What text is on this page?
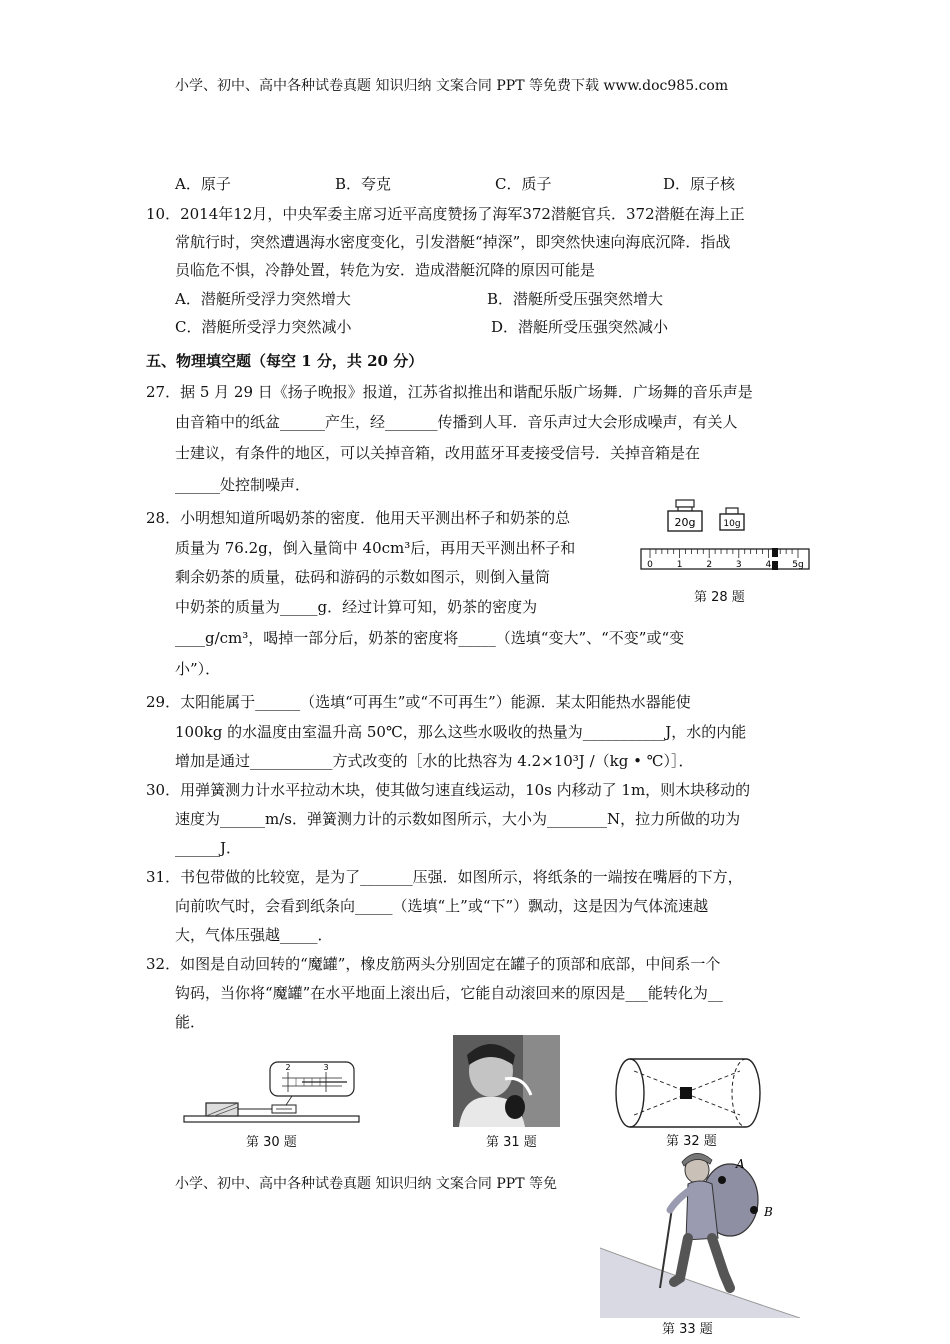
小学、初中、高中各种试卷真题 知识归纳 文案合同 PPT 等免费下载 www.doc985.com
A．原子	B．夸克	C．质子	D．原子核
10．2014年12月，中央军委主席习近平高度赞扬了海军372潜艇官兵．372潜艇在海上正
常航行时，突然遭遇海水密度变化，引发潜艇“掉深”，即突然快速向海底沉降．指战
员临危不惧，冷静处置，转危为安．造成潜艇沉降的原因可能是
A．潜艇所受浮力突然增大	B．潜艇所受压强突然增大
C．潜艇所受浮力突然减小	D．潜艇所受压强突然减小
五、物理填空题（每空 1 分，共 20 分）
27．据 5 月 29 日《扬子晚报》报道，江苏省拟推出和谐配乐版广场舞．广场舞的音乐声是
由音箱中的纸盆______产生，经_______传播到人耳．音乐声过大会形成噪声，有关人
士建议，有条件的地区，可以关掉音箱，改用蓝牙耳麦接受信号．关掉音箱是在
______处控制噪声．
28．小明想知道所喝奶茶的密度．他用天平测出杯子和奶茶的总
质量为 76.2g，倒入量筒中 40cm³后，再用天平测出杯子和
剩余奶茶的质量，砝码和游码的示数如图示，则倒入量筒
中奶茶的质量为_____g．经过计算可知，奶茶的密度为
____g/cm³，喝掉一部分后，奶茶的密度将_____（选填“变大”、“不变”或“变
小”）．
20g	10g
0	1	2	3	4 5g
第 28 题
29．太阳能属于______（选填“可再生”或“不可再生”）能源．某太阳能热水器能使
100kg 的水温度由室温升高 50℃，那么这些水吸收的热量为___________J，水的内能
增加是通过___________方式改变的［水的比热容为 4.2×10³J /（kg • ℃）］．
30．用弹簧测力计水平拉动木块，使其做匀速直线运动，10s 内移动了 1m，则木块移动的
速度为______m/s．弹簧测力计的示数如图所示，大小为________N，拉力所做的功为
______J．
31．书包带做的比较宽，是为了_______压强．如图所示，将纸条的一端按在嘴唇的下方，
向前吹气时，会看到纸条向_____（选填“上”或“下”）飘动，这是因为气体流速越
大，气体压强越_____．
32．如图是自动回转的“魔罐”，橡皮筋两头分别固定在罐子的顶部和底部，中间系一个
钩码，当你将“魔罐”在水平地面上滚出后，它能自动滚回来的原因是___能转化为__
能．
2	3
第 30 题	第 31 题	第 32 题
小学、初中、高中各种试卷真题 知识归纳 文案合同 PPT 等免
A
B
第 33 题
